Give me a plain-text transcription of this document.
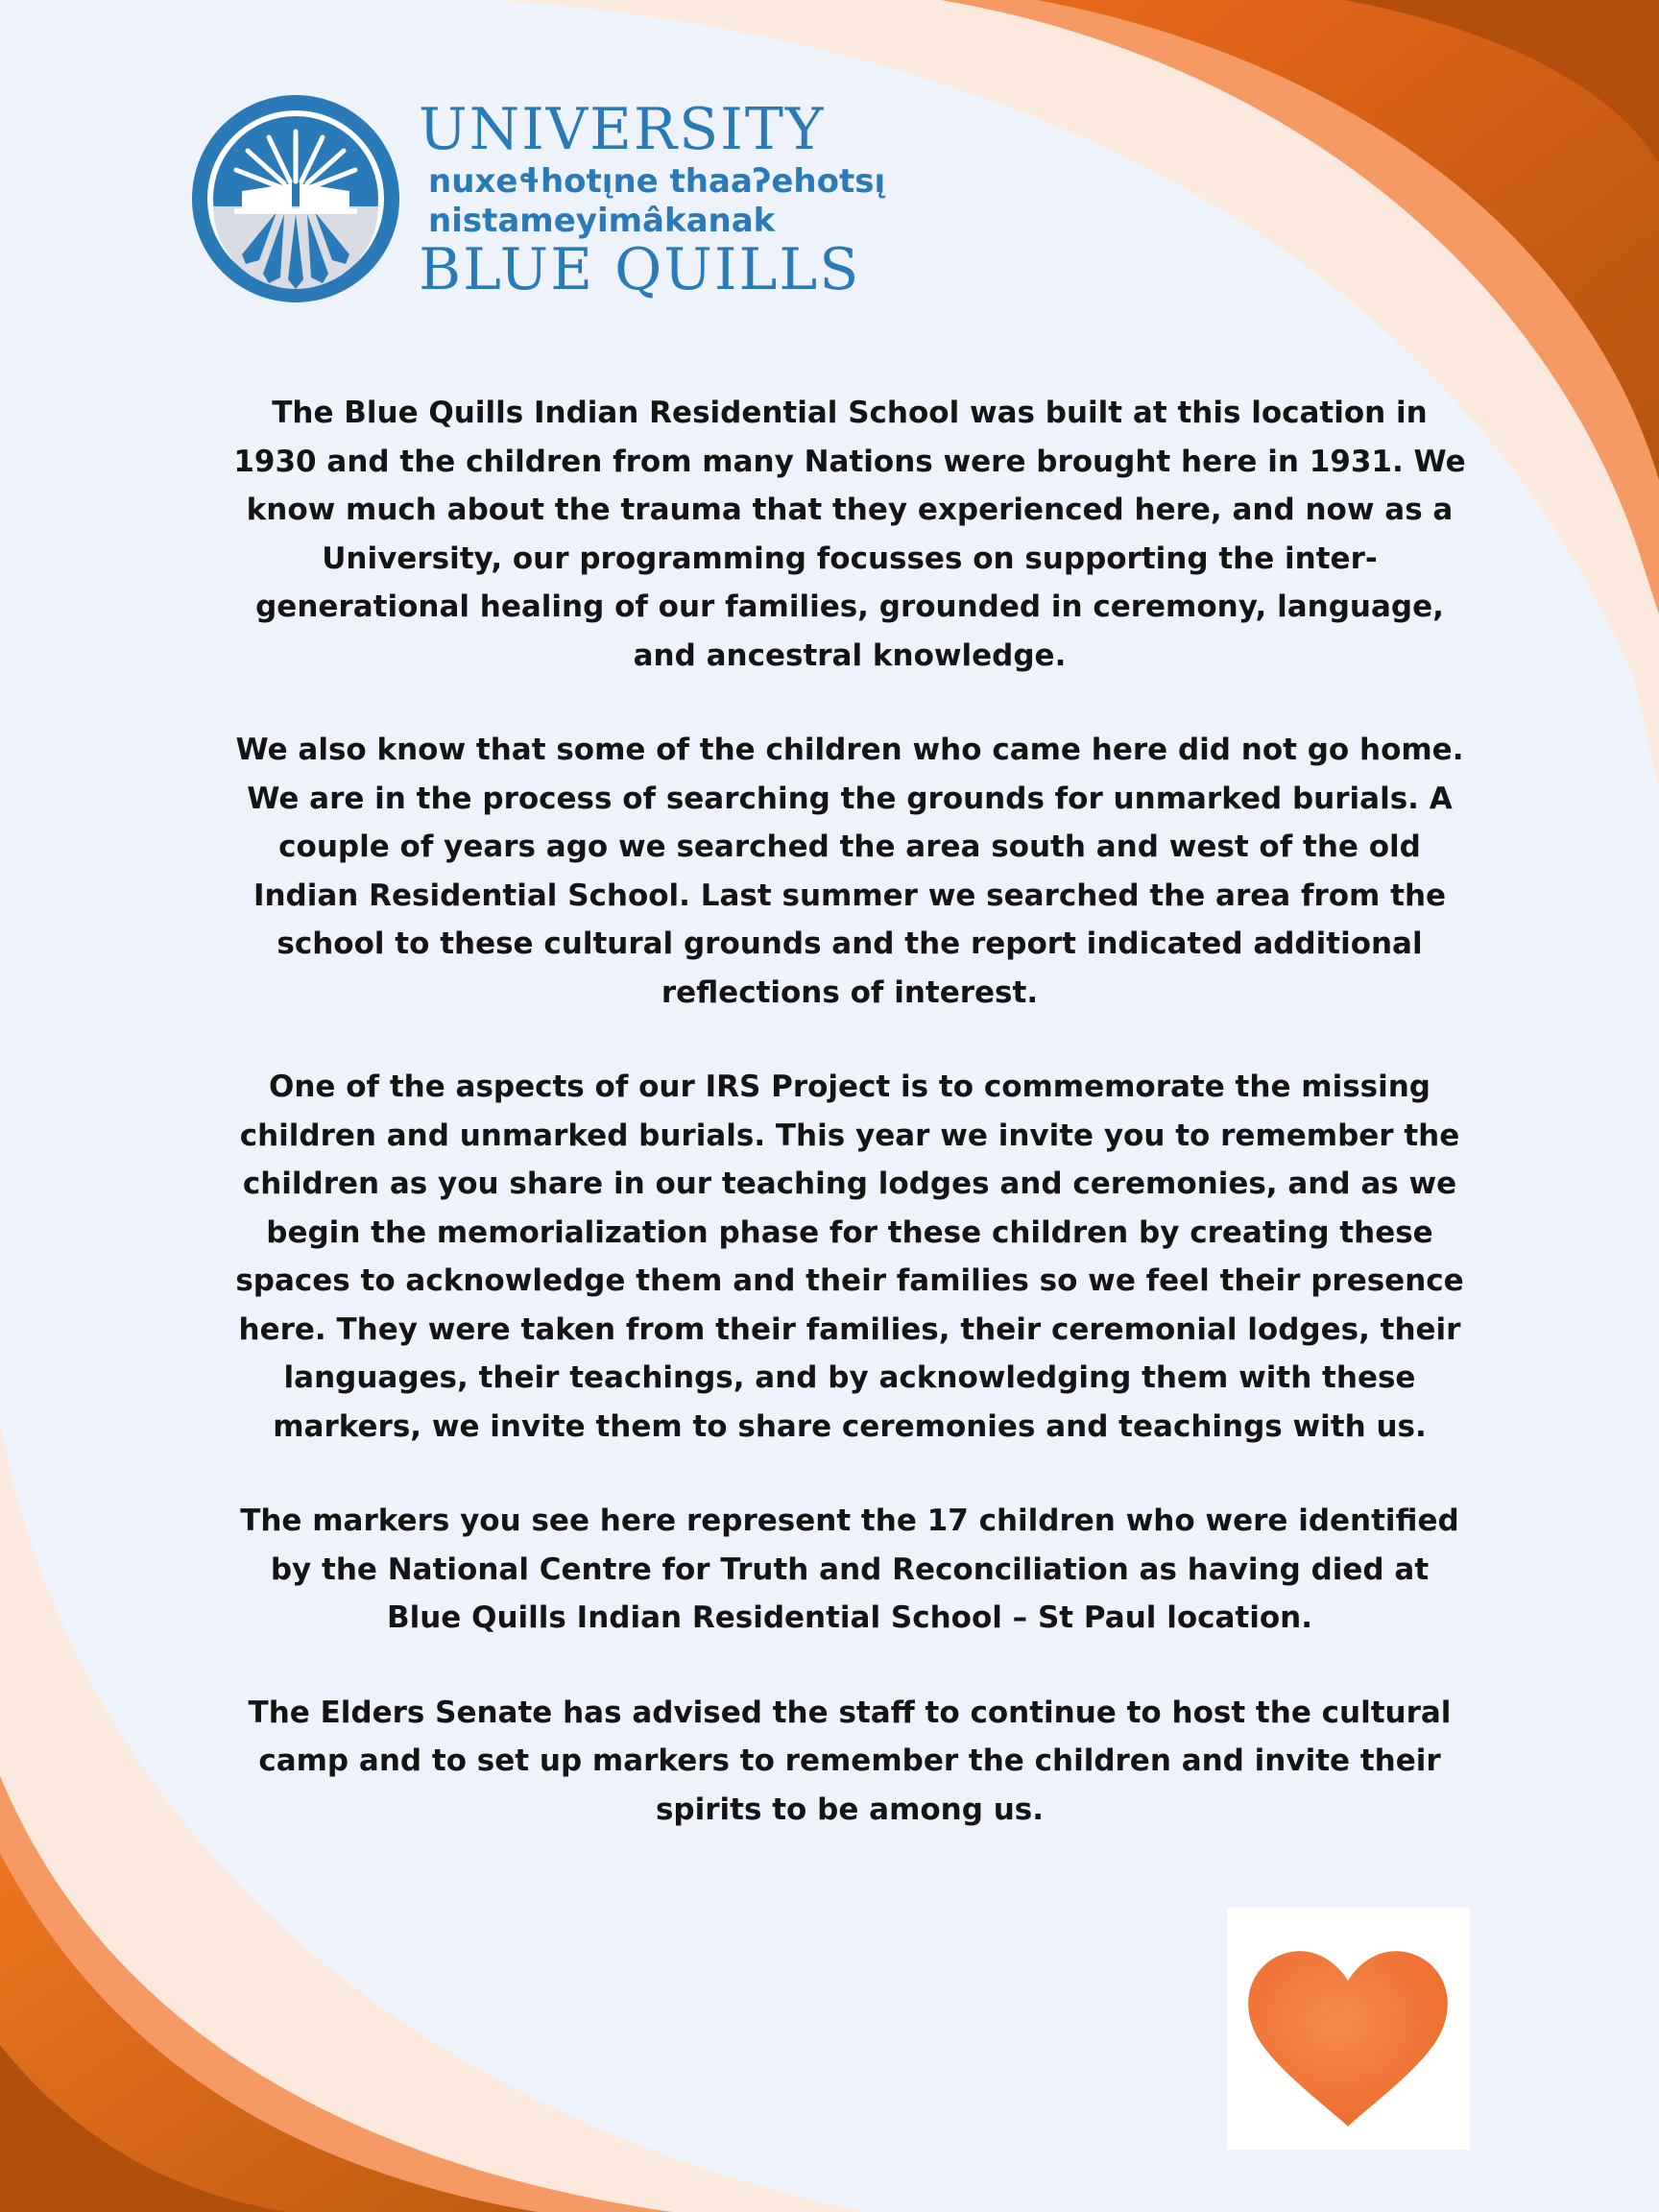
UNIVERSITY
nuxeɬhotı̨ne thaaʔehotsı̨
nistameyimâkanak
BLUE QUILLS

The Blue Quills Indian Residential School was built at this location in 1930 and the children from many Nations were brought here in 1931. We know much about the trauma that they experienced here, and now as a University, our programming focusses on supporting the inter-generational healing of our families, grounded in ceremony, language, and ancestral knowledge.

We also know that some of the children who came here did not go home. We are in the process of searching the grounds for unmarked burials. A couple of years ago we searched the area south and west of the old Indian Residential School. Last summer we searched the area from the school to these cultural grounds and the report indicated additional reflections of interest.

One of the aspects of our IRS Project is to commemorate the missing children and unmarked burials. This year we invite you to remember the children as you share in our teaching lodges and ceremonies, and as we begin the memorialization phase for these children by creating these spaces to acknowledge them and their families so we feel their presence here. They were taken from their families, their ceremonial lodges, their languages, their teachings, and by acknowledging them with these markers, we invite them to share ceremonies and teachings with us.

The markers you see here represent the 17 children who were identified by the National Centre for Truth and Reconciliation as having died at Blue Quills Indian Residential School – St Paul location.

The Elders Senate has advised the staff to continue to host the cultural camp and to set up markers to remember the children and invite their spirits to be among us.
